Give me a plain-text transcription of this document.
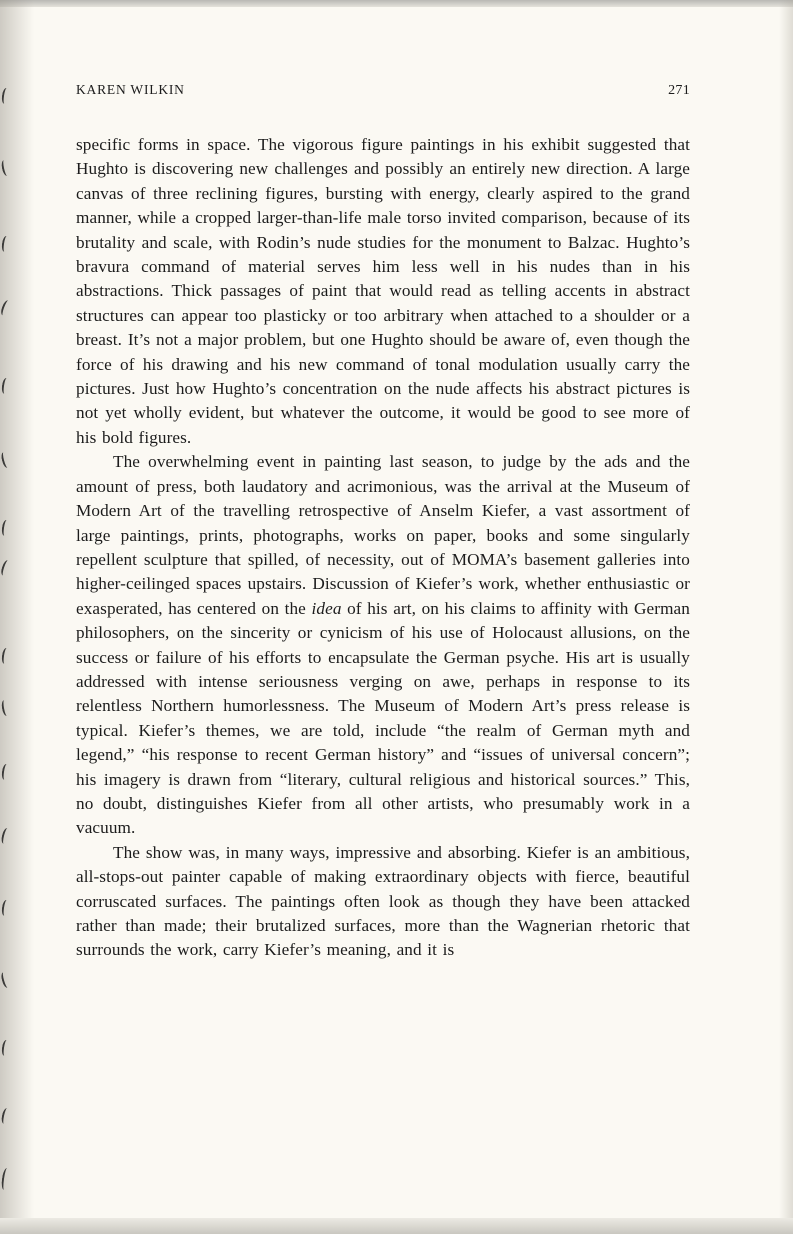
KAREN WILKIN	271

specific forms in space. The vigorous figure paintings in his exhibit suggested that Hughto is discovering new challenges and possibly an entirely new direction. A large canvas of three reclining figures, bursting with energy, clearly aspired to the grand manner, while a cropped larger-than-life male torso invited comparison, because of its brutality and scale, with Rodin’s nude studies for the monument to Balzac. Hughto’s bravura command of material serves him less well in his nudes than in his abstractions. Thick passages of paint that would read as telling accents in abstract structures can appear too plasticky or too arbitrary when attached to a shoulder or a breast. It’s not a major problem, but one Hughto should be aware of, even though the force of his drawing and his new command of tonal modulation usually carry the pictures. Just how Hughto’s concentration on the nude affects his abstract pictures is not yet wholly evident, but whatever the outcome, it would be good to see more of his bold figures.

The overwhelming event in painting last season, to judge by the ads and the amount of press, both laudatory and acrimonious, was the arrival at the Museum of Modern Art of the travelling retrospective of Anselm Kiefer, a vast assortment of large paintings, prints, photographs, works on paper, books and some singularly repellent sculpture that spilled, of necessity, out of MOMA’s basement galleries into higher-ceilinged spaces upstairs. Discussion of Kiefer’s work, whether enthusiastic or exasperated, has centered on the idea of his art, on his claims to affinity with German philosophers, on the sincerity or cynicism of his use of Holocaust allusions, on the success or failure of his efforts to encapsulate the German psyche. His art is usually addressed with intense seriousness verging on awe, perhaps in response to its relentless Northern humorlessness. The Museum of Modern Art’s press release is typical. Kiefer’s themes, we are told, include “the realm of German myth and legend,” “his response to recent German history” and “issues of universal concern”; his imagery is drawn from “literary, cultural religious and historical sources.” This, no doubt, distinguishes Kiefer from all other artists, who presumably work in a vacuum.

The show was, in many ways, impressive and absorbing. Kiefer is an ambitious, all-stops-out painter capable of making extraordinary objects with fierce, beautiful corruscated surfaces. The paintings often look as though they have been attacked rather than made; their brutalized surfaces, more than the Wagnerian rhetoric that surrounds the work, carry Kiefer’s meaning, and it is
